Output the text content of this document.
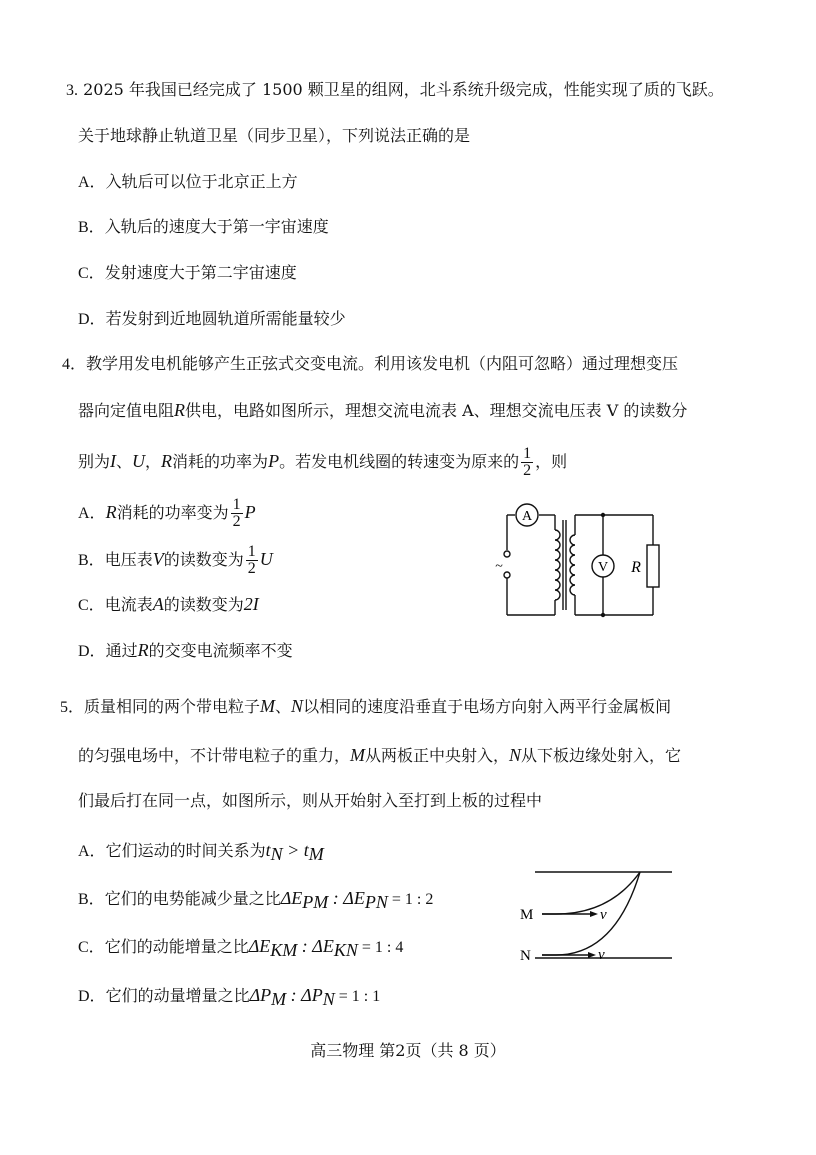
3. 2025 年我国已经完成了 1500 颗卫星的组网，北斗系统升级完成，性能实现了质的飞跃。
关于地球静止轨道卫星（同步卫星），下列说法正确的是
A．入轨后可以位于北京正上方
B．入轨后的速度大于第一宇宙速度
C．发射速度大于第二宇宙速度
D．若发射到近地圆轨道所需能量较少
4．教学用发电机能够产生正弦式交变电流。利用该发电机（内阻可忽略）通过理想变压
器向定值电阻R供电，电路如图所示，理想交流电流表 A、理想交流电压表 V 的读数分
别为I、U，R消耗的功率为P。若发电机线圈的转速变为原来的 $\frac{1}{2}$ ，则
A．R消耗的功率变为 $\frac{1}{2}$ P
B．电压表V的读数变为 $\frac{1}{2}$ U
C．电流表A的读数变为2I
D．通过R的交变电流频率不变
A
V R
~
5．质量相同的两个带电粒子M、N以相同的速度沿垂直于电场方向射入两平行金属板间
的匀强电场中，不计带电粒子的重力，M从两板正中央射入，N从下板边缘处射入，它
们最后打在同一点，如图所示，则从开始射入至打到上板的过程中
A．它们运动的时间关系为$t_N > t_M$
B．它们的电势能减少量之比$\Delta E_{PM}$ : $\Delta E_{PN} = 1$ : 2
C．它们的动能增量之比$\Delta E_{KM}$ : $\Delta E_{KN} = 1$ : 4
D．它们的动量增量之比$\Delta P_M$ : $\Delta P_N = 1$ : 1
M
N
v
v
高三物理 第2页（共 8 页）
